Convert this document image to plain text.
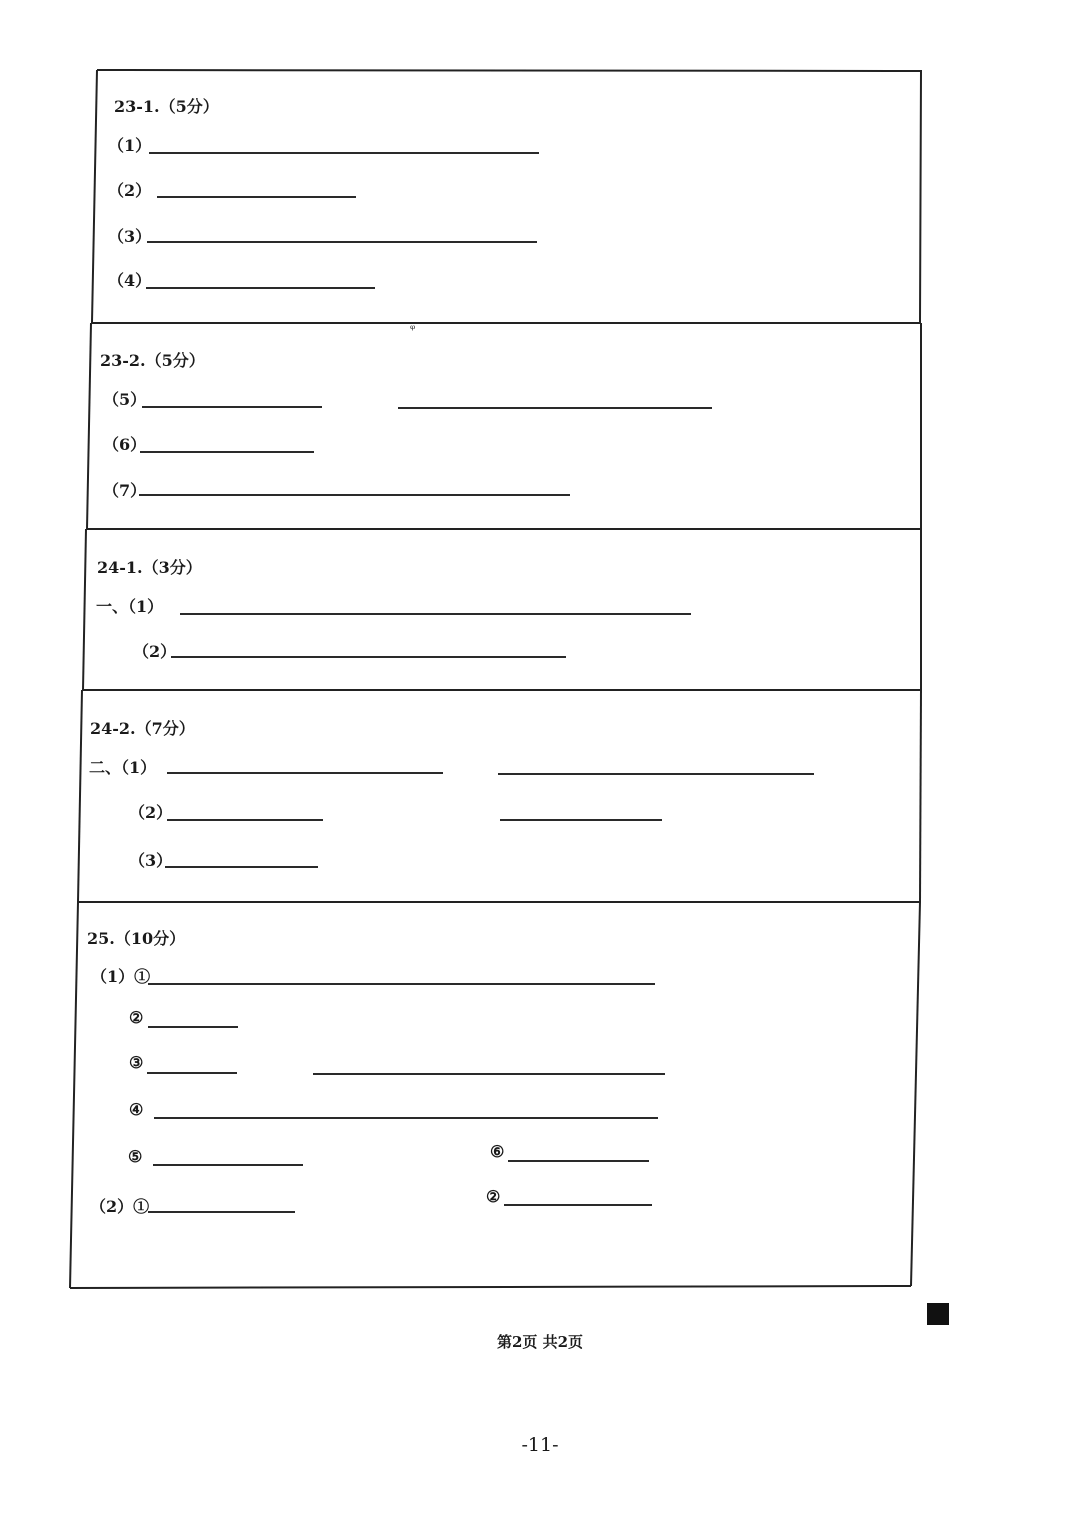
ᵠ
23-1.（5分）
（1）
（2）
（3）
（4）
23-2.（5分）
（5）
（6）
（7）
24-1.（3分）
一、（1）
（2）
24-2.（7分）
二、（1）
（2）
（3）
25.（10分）
（1）①
②
③
④
⑤	⑥
（2）①
②
第2页 共2页
-11-
